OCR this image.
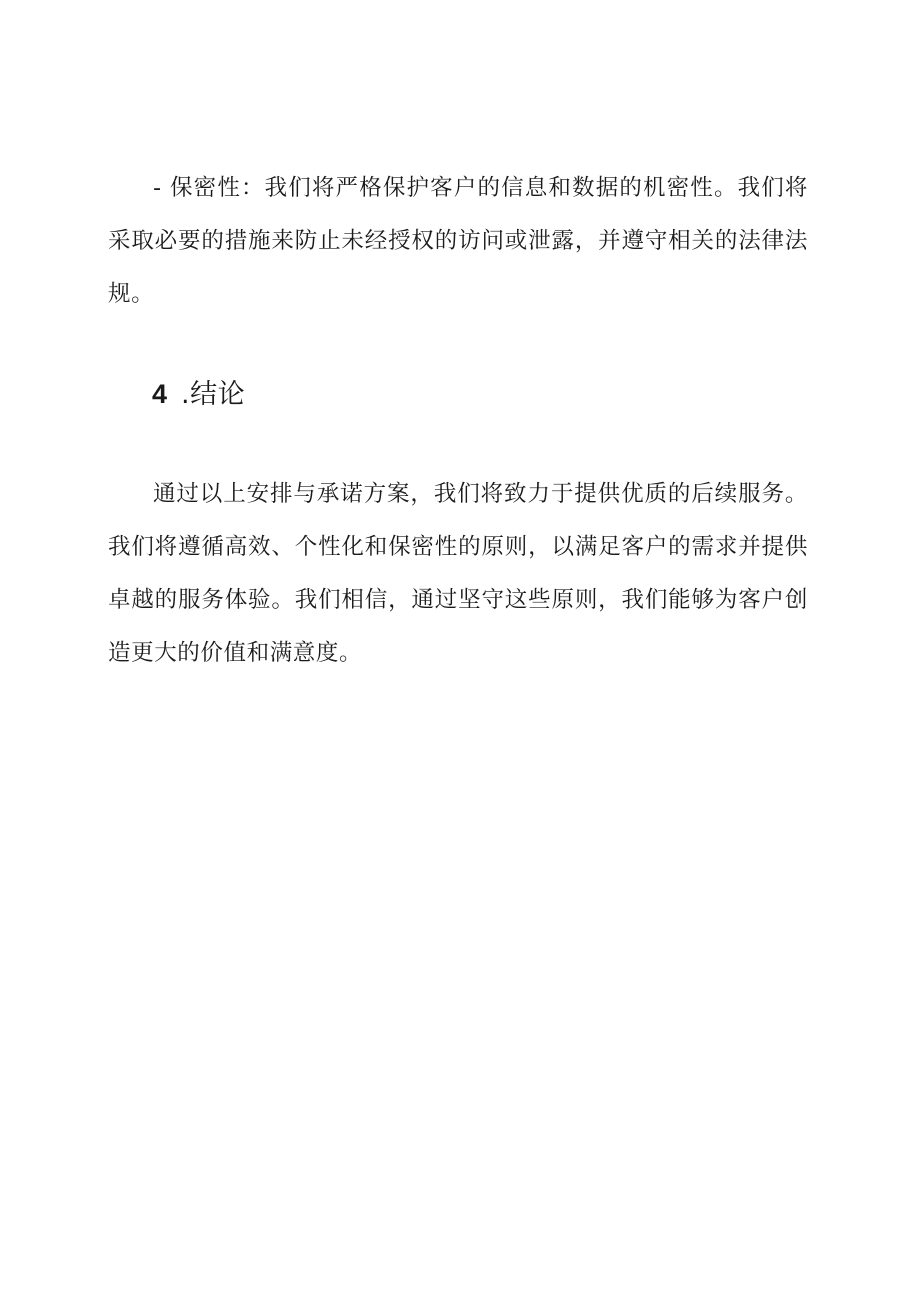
- 保密性：我们将严格保护客户的信息和数据的机密性。我们将采取必要的措施来防止未经授权的访问或泄露，并遵守相关的法律法规。

4 .结论

通过以上安排与承诺方案，我们将致力于提供优质的后续服务。我们将遵循高效、个性化和保密性的原则，以满足客户的需求并提供卓越的服务体验。我们相信，通过坚守这些原则，我们能够为客户创造更大的价值和满意度。
